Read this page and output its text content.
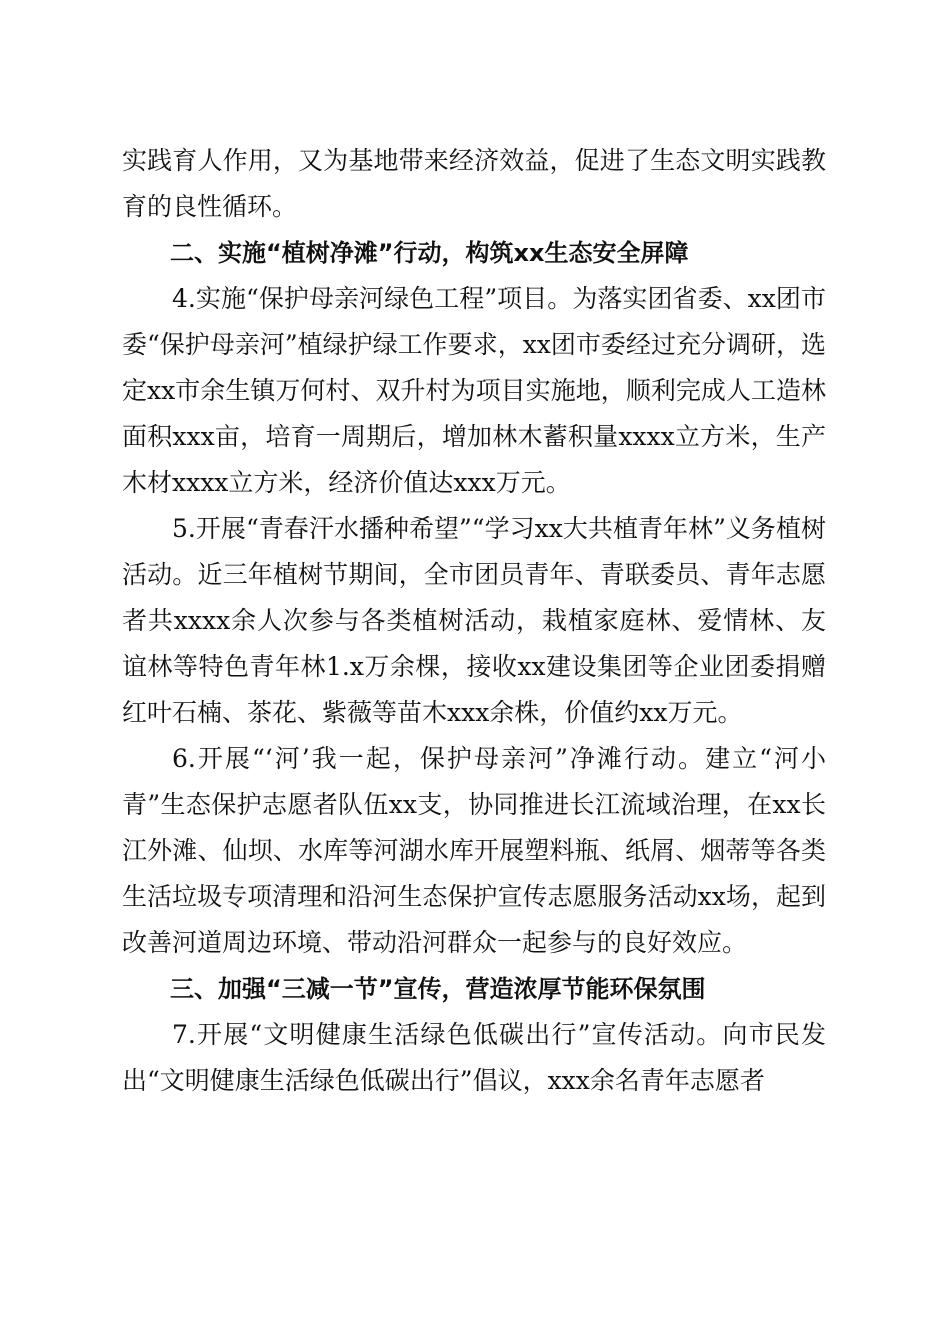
实践育人作用，又为基地带来经济效益，促进了生态文明实践教育的良性循环。

二、实施“植树净滩”行动，构筑xx生态安全屏障

4.实施“保护母亲河绿色工程”项目。为落实团省委、xx团市委“保护母亲河”植绿护绿工作要求，xx团市委经过充分调研，选定xx市余生镇万何村、双升村为项目实施地，顺利完成人工造林面积xxx亩，培育一周期后，增加林木蓄积量xxxx立方米，生产木材xxxx立方米，经济价值达xxx万元。

5.开展“青春汗水播种希望”“学习xx大共植青年林”义务植树活动。近三年植树节期间，全市团员青年、青联委员、青年志愿者共xxxx余人次参与各类植树活动，栽植家庭林、爱情林、友谊林等特色青年林1.x万余棵，接收xx建设集团等企业团委捐赠红叶石楠、茶花、紫薇等苗木xxx余株，价值约xx万元。

6.开展“‘河’我一起，保护母亲河”净滩行动。建立“河小青”生态保护志愿者队伍xx支，协同推进长江流域治理，在xx长江外滩、仙坝、水库等河湖水库开展塑料瓶、纸屑、烟蒂等各类生活垃圾专项清理和沿河生态保护宣传志愿服务活动xx场，起到改善河道周边环境、带动沿河群众一起参与的良好效应。

三、加强“三减一节”宣传，营造浓厚节能环保氛围

7.开展“文明健康生活绿色低碳出行”宣传活动。向市民发出“文明健康生活绿色低碳出行”倡议，xxx余名青年志愿者
